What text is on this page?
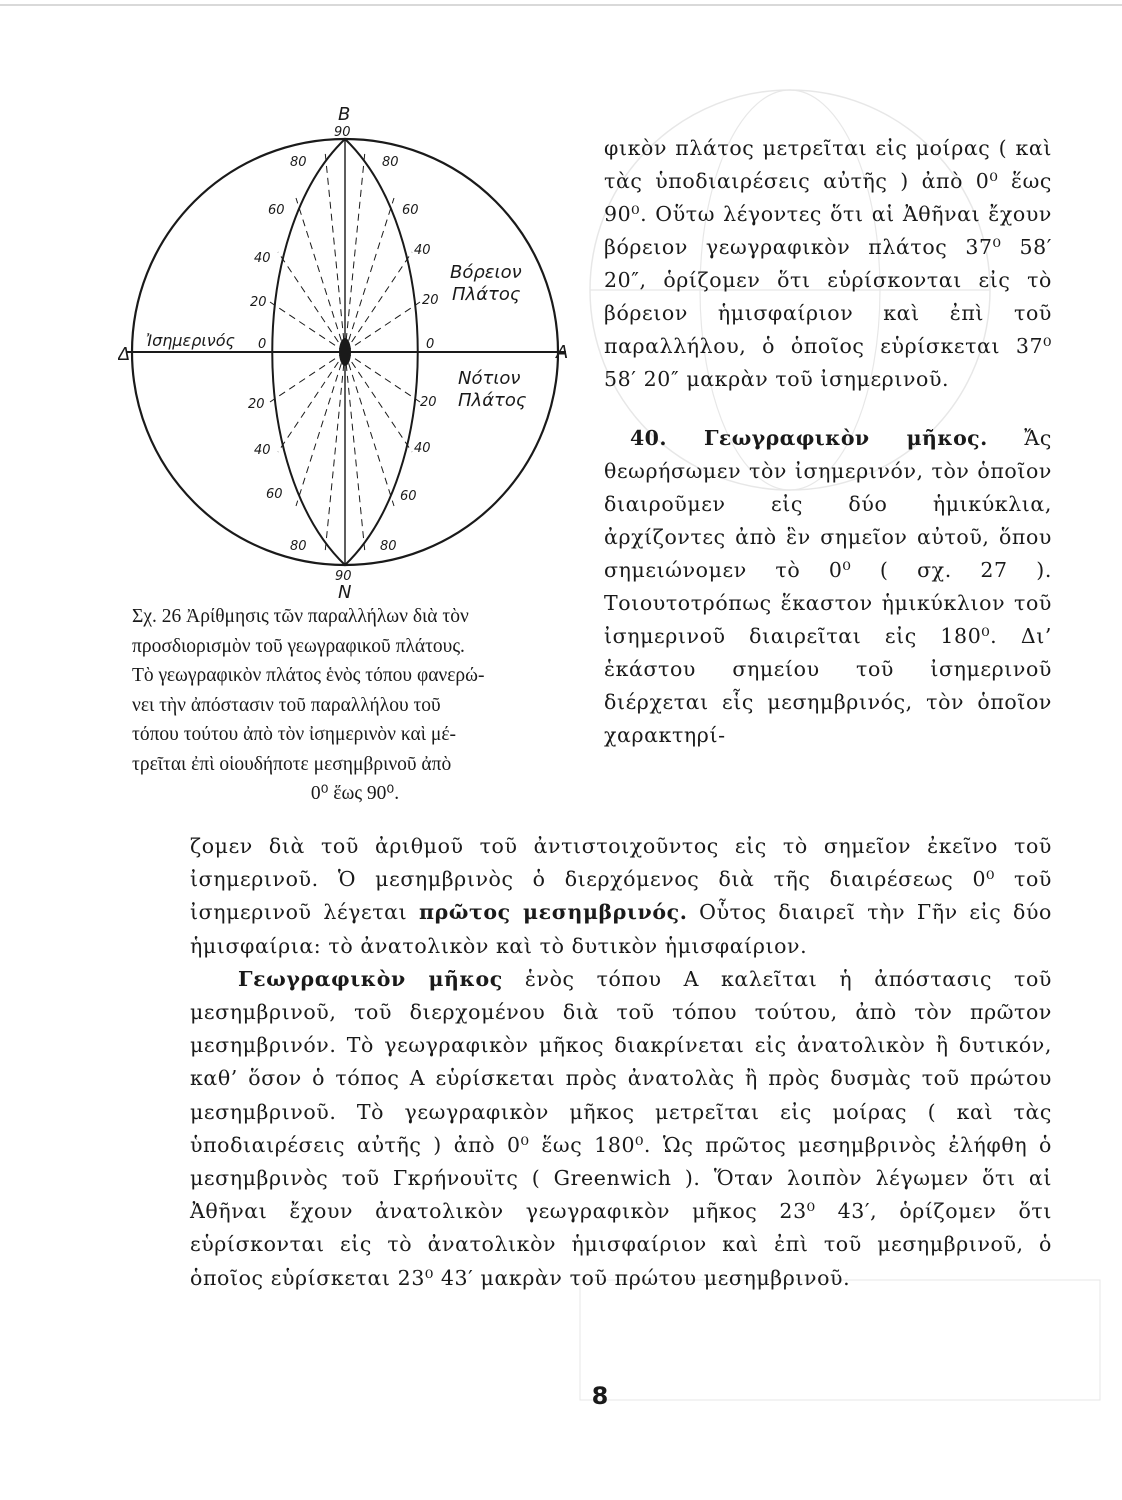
Β
90
90
Ν
Δ	Α
Ἰσημερινός
Βόρειον
Πλάτος
Νότιον
Πλάτος
80
60
40
20
0
80
60
40
20
0
20
40
60
80
20
40
60
80
Σχ. 26 Ἀρίθμησις τῶν παραλλήλων διὰ τὸν
προσδιορισμὸν τοῦ γεωγραφικοῦ πλάτους.
Τὸ γεωγραφικὸν πλάτος ἑνὸς τόπου φανερώ-
νει τὴν ἀπόστασιν τοῦ παραλλήλου τοῦ
τόπου τούτου ἀπὸ τὸν ἰσημερινὸν καὶ μέ-
τρεῖται ἐπὶ οἱουδήποτε μεσημβρινοῦ ἀπὸ
0⁰ ἕως 90⁰.

φικὸν πλάτος μετρεῖται εἰς μοίρας ( καὶ τὰς ὑποδιαιρέσεις αὐτῆς ) ἀπὸ 0⁰ ἕως 90⁰. Οὕτω λέγοντες ὅτι αἱ Ἀθῆναι ἔχουν βόρειον γεωγραφικὸν πλάτος 37⁰ 58′ 20″, ὁρίζομεν ὅτι εὑρίσκονται εἰς τὸ βόρειον ἡμισφαίριον καὶ ἐπὶ τοῦ παραλλήλου, ὁ ὁποῖος εὑρίσκεται 37⁰ 58′ 20″ μακρὰν τοῦ ἰσημερινοῦ.

40. Γεωγραφικὸν μῆκος. Ἄς θεωρήσωμεν τὸν ἰσημερινόν, τὸν ὁποῖον διαιροῦμεν εἰς δύο ἡμικύκλια, ἀρχίζοντες ἀπὸ ἓν σημεῖον αὐτοῦ, ὅπου σημειώνομεν τὸ 0⁰ ( σχ. 27 ). Τοιουτοτρόπως ἕκαστον ἡμικύκλιον τοῦ ἰσημερινοῦ διαιρεῖται εἰς 180⁰. Δι’ ἑκάστου σημείου τοῦ ἰσημερινοῦ διέρχεται εἷς μεσημβρινός, τὸν ὁποῖον χαρακτηρί-

ζομεν διὰ τοῦ ἀριθμοῦ τοῦ ἀντιστοιχοῦντος εἰς τὸ σημεῖον ἐκεῖνο τοῦ ἰσημερινοῦ. Ὁ μεσημβρινὸς ὁ διερχόμενος διὰ τῆς διαιρέσεως 0⁰ τοῦ ἰσημερινοῦ λέγεται πρῶτος μεσημβρινός. Οὗτος διαιρεῖ τὴν Γῆν εἰς δύο ἡμισφαίρια: τὸ ἀνατολικὸν καὶ τὸ δυτικὸν ἡμισφαίριον.

Γεωγραφικὸν μῆκος ἑνὸς τόπου Α καλεῖται ἡ ἀπόστασις τοῦ μεσημβρινοῦ, τοῦ διερχομένου διὰ τοῦ τόπου τούτου, ἀπὸ τὸν πρῶτον μεσημβρινόν. Τὸ γεωγραφικὸν μῆκος διακρίνεται εἰς ἀνατολικὸν ἢ δυτικόν, καθ’ ὅσον ὁ τόπος Α εὑρίσκεται πρὸς ἀνατολὰς ἢ πρὸς δυσμὰς τοῦ πρώτου μεσημβρινοῦ. Τὸ γεωγραφικὸν μῆκος μετρεῖται εἰς μοίρας ( καὶ τὰς ὑποδιαιρέσεις αὐτῆς ) ἀπὸ 0⁰ ἕως 180⁰. Ὡς πρῶτος μεσημβρινὸς ἐλήφθη ὁ μεσημβρινὸς τοῦ Γκρήνουϊτς ( Greenwich ). Ὅταν λοιπὸν λέγωμεν ὅτι αἱ Ἀθῆναι ἔχουν ἀνατολικὸν γεωγραφικὸν μῆκος 23⁰ 43′, ὁρίζομεν ὅτι εὑρίσκονται εἰς τὸ ἀνατολικὸν ἡμισφαίριον καὶ ἐπὶ τοῦ μεσημβρινοῦ, ὁ ὁποῖος εὑρίσκεται 23⁰ 43′ μακρὰν τοῦ πρώτου μεσημβρινοῦ.

8
